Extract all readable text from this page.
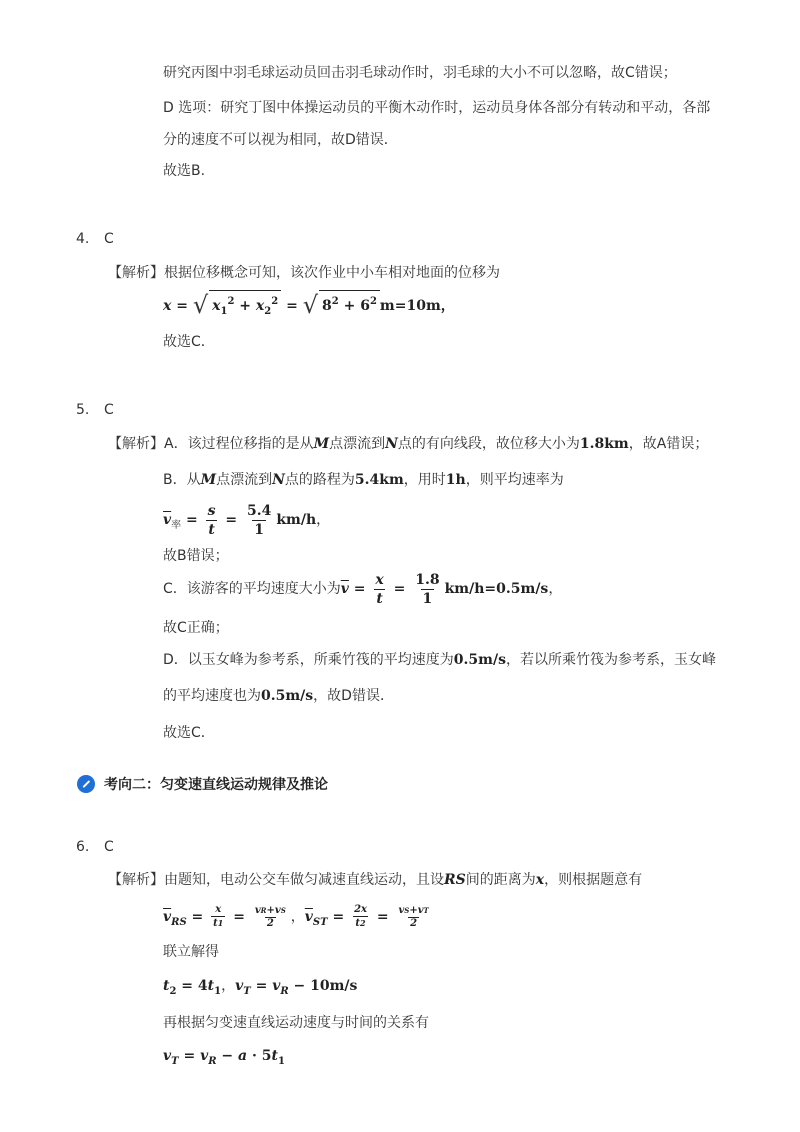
研究丙图中羽毛球运动员回击羽毛球动作时，羽毛球的大小不可以忽略，故C错误；
D 选项：研究丁图中体操运动员的平衡木动作时，运动员身体各部分有转动和平动，各部
分的速度不可以视为相同，故D错误．
故选B.
4. C
【解析】根据位移概念可知，该次作业中小车相对地面的位移为
x = √ $x_1^2 + x_2^2$ = √ $8^2 + 6^2$ m=10m，
故选C．
5. C
【解析】A．该过程位移指的是从M点漂流到N点的有向线段，故位移大小为1.8km，故A错误；
B．从M点漂流到N点的路程为5.4km，用时1h，则平均速率为
$\overline{v}_率 = \frac{s}{t} = \frac{5.4}{1} km/h$，
故B错误；
C．该游客的平均速度大小为$\overline{v} = \frac{x}{t} = \frac{1.8}{1} km/h=0.5m/s$，
故C正确；
D．以玉女峰为参考系，所乘竹筏的平均速度为0.5m/s，若以所乘竹筏为参考系，玉女峰
的平均速度也为0.5m/s，故D错误．
故选C．
考向二：匀变速直线运动规律及推论
6. C
【解析】由题知，电动公交车做匀减速直线运动，且设RS间的距离为x，则根据题意有
$\overline{v}_{RS} = \frac{x}{t1} = \frac{vR+vS}{2}$ ，$\overline{v}_{ST} = \frac{2x}{t2} = \frac{vS+vT}{2}$
联立解得
$t_2 = 4t_1$，$v_T = v_R - 10m/s$
再根据匀变速直线运动速度与时间的关系有
$v_T = v_R - a \cdot 5t_1$
